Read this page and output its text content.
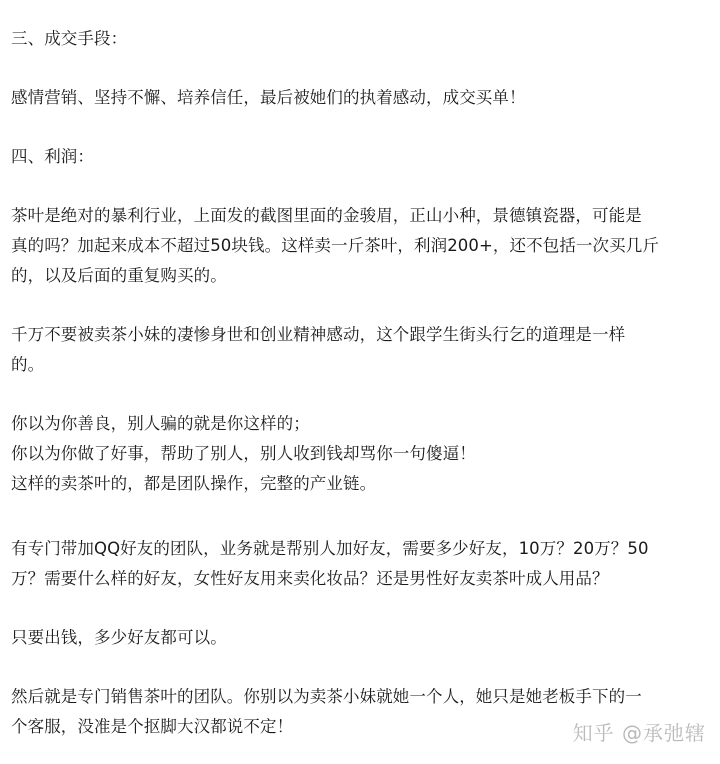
三、成交手段：
感情营销、坚持不懈、培养信任，最后被她们的执着感动，成交买单！
四、利润：
茶叶是绝对的暴利行业，上面发的截图里面的金骏眉，正山小种，景德镇瓷器，可能是
真的吗？加起来成本不超过50块钱。这样卖一斤茶叶，利润200+，还不包括一次买几斤
的，以及后面的重复购买的。
千万不要被卖茶小妹的凄惨身世和创业精神感动，这个跟学生街头行乞的道理是一样
的。
你以为你善良，别人骗的就是你这样的；
你以为你做了好事，帮助了别人，别人收到钱却骂你一句傻逼！
这样的卖茶叶的，都是团队操作，完整的产业链。
有专门带加QQ好友的团队，业务就是帮别人加好友，需要多少好友，10万？20万？50
万？需要什么样的好友，女性好友用来卖化妆品？还是男性好友卖茶叶成人用品？
只要出钱，多少好友都可以。
然后就是专门销售茶叶的团队。你别以为卖茶小妹就她一个人，她只是她老板手下的一
个客服，没准是个抠脚大汉都说不定！	知乎 @承弛辖
